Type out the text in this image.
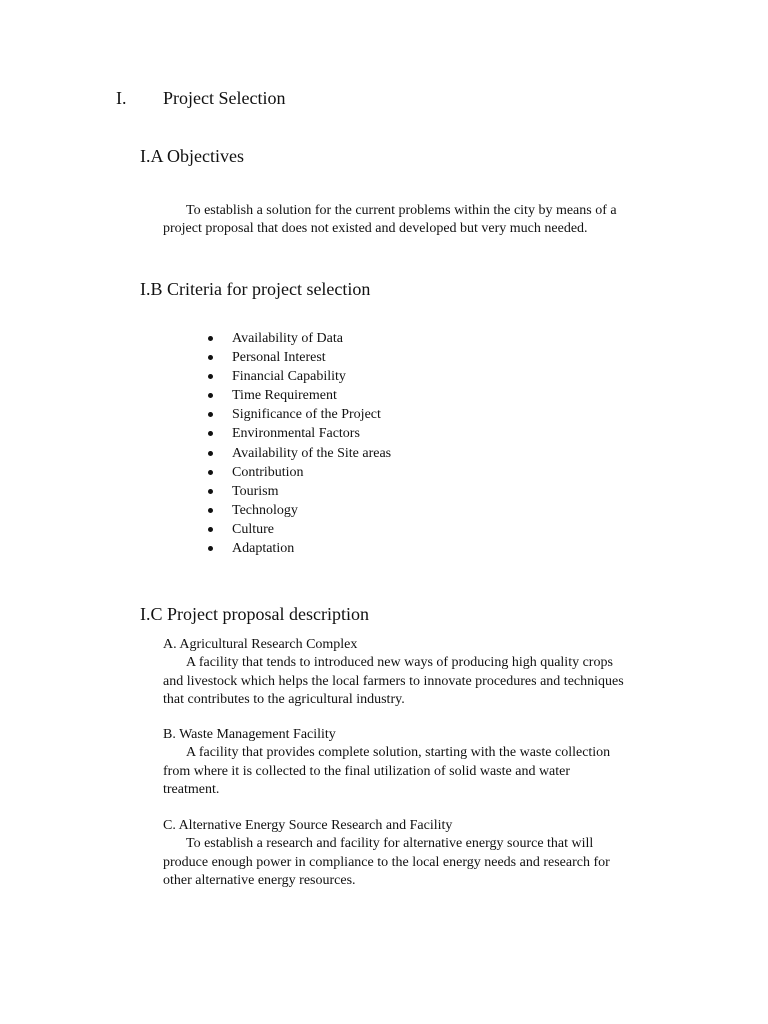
I. Project Selection
I.A Objectives
To establish a solution for the current problems within the city by means of a
project proposal that does not existed and developed but very much needed.
I.B Criteria for project selection
Availability of Data
Personal Interest
Financial Capability
Time Requirement
Significance of the Project
Environmental Factors
Availability of the Site areas
Contribution
Tourism
Technology
Culture
Adaptation
I.C Project proposal description
A. Agricultural Research Complex
A facility that tends to introduced new ways of producing high quality crops
and livestock which helps the local farmers to innovate procedures and techniques
that contributes to the agricultural industry.
B. Waste Management Facility
A facility that provides complete solution, starting with the waste collection
from where it is collected to the final utilization of solid waste and water
treatment.
C. Alternative Energy Source Research and Facility
To establish a research and facility for alternative energy source that will
produce enough power in compliance to the local energy needs and research for
other alternative energy resources.
